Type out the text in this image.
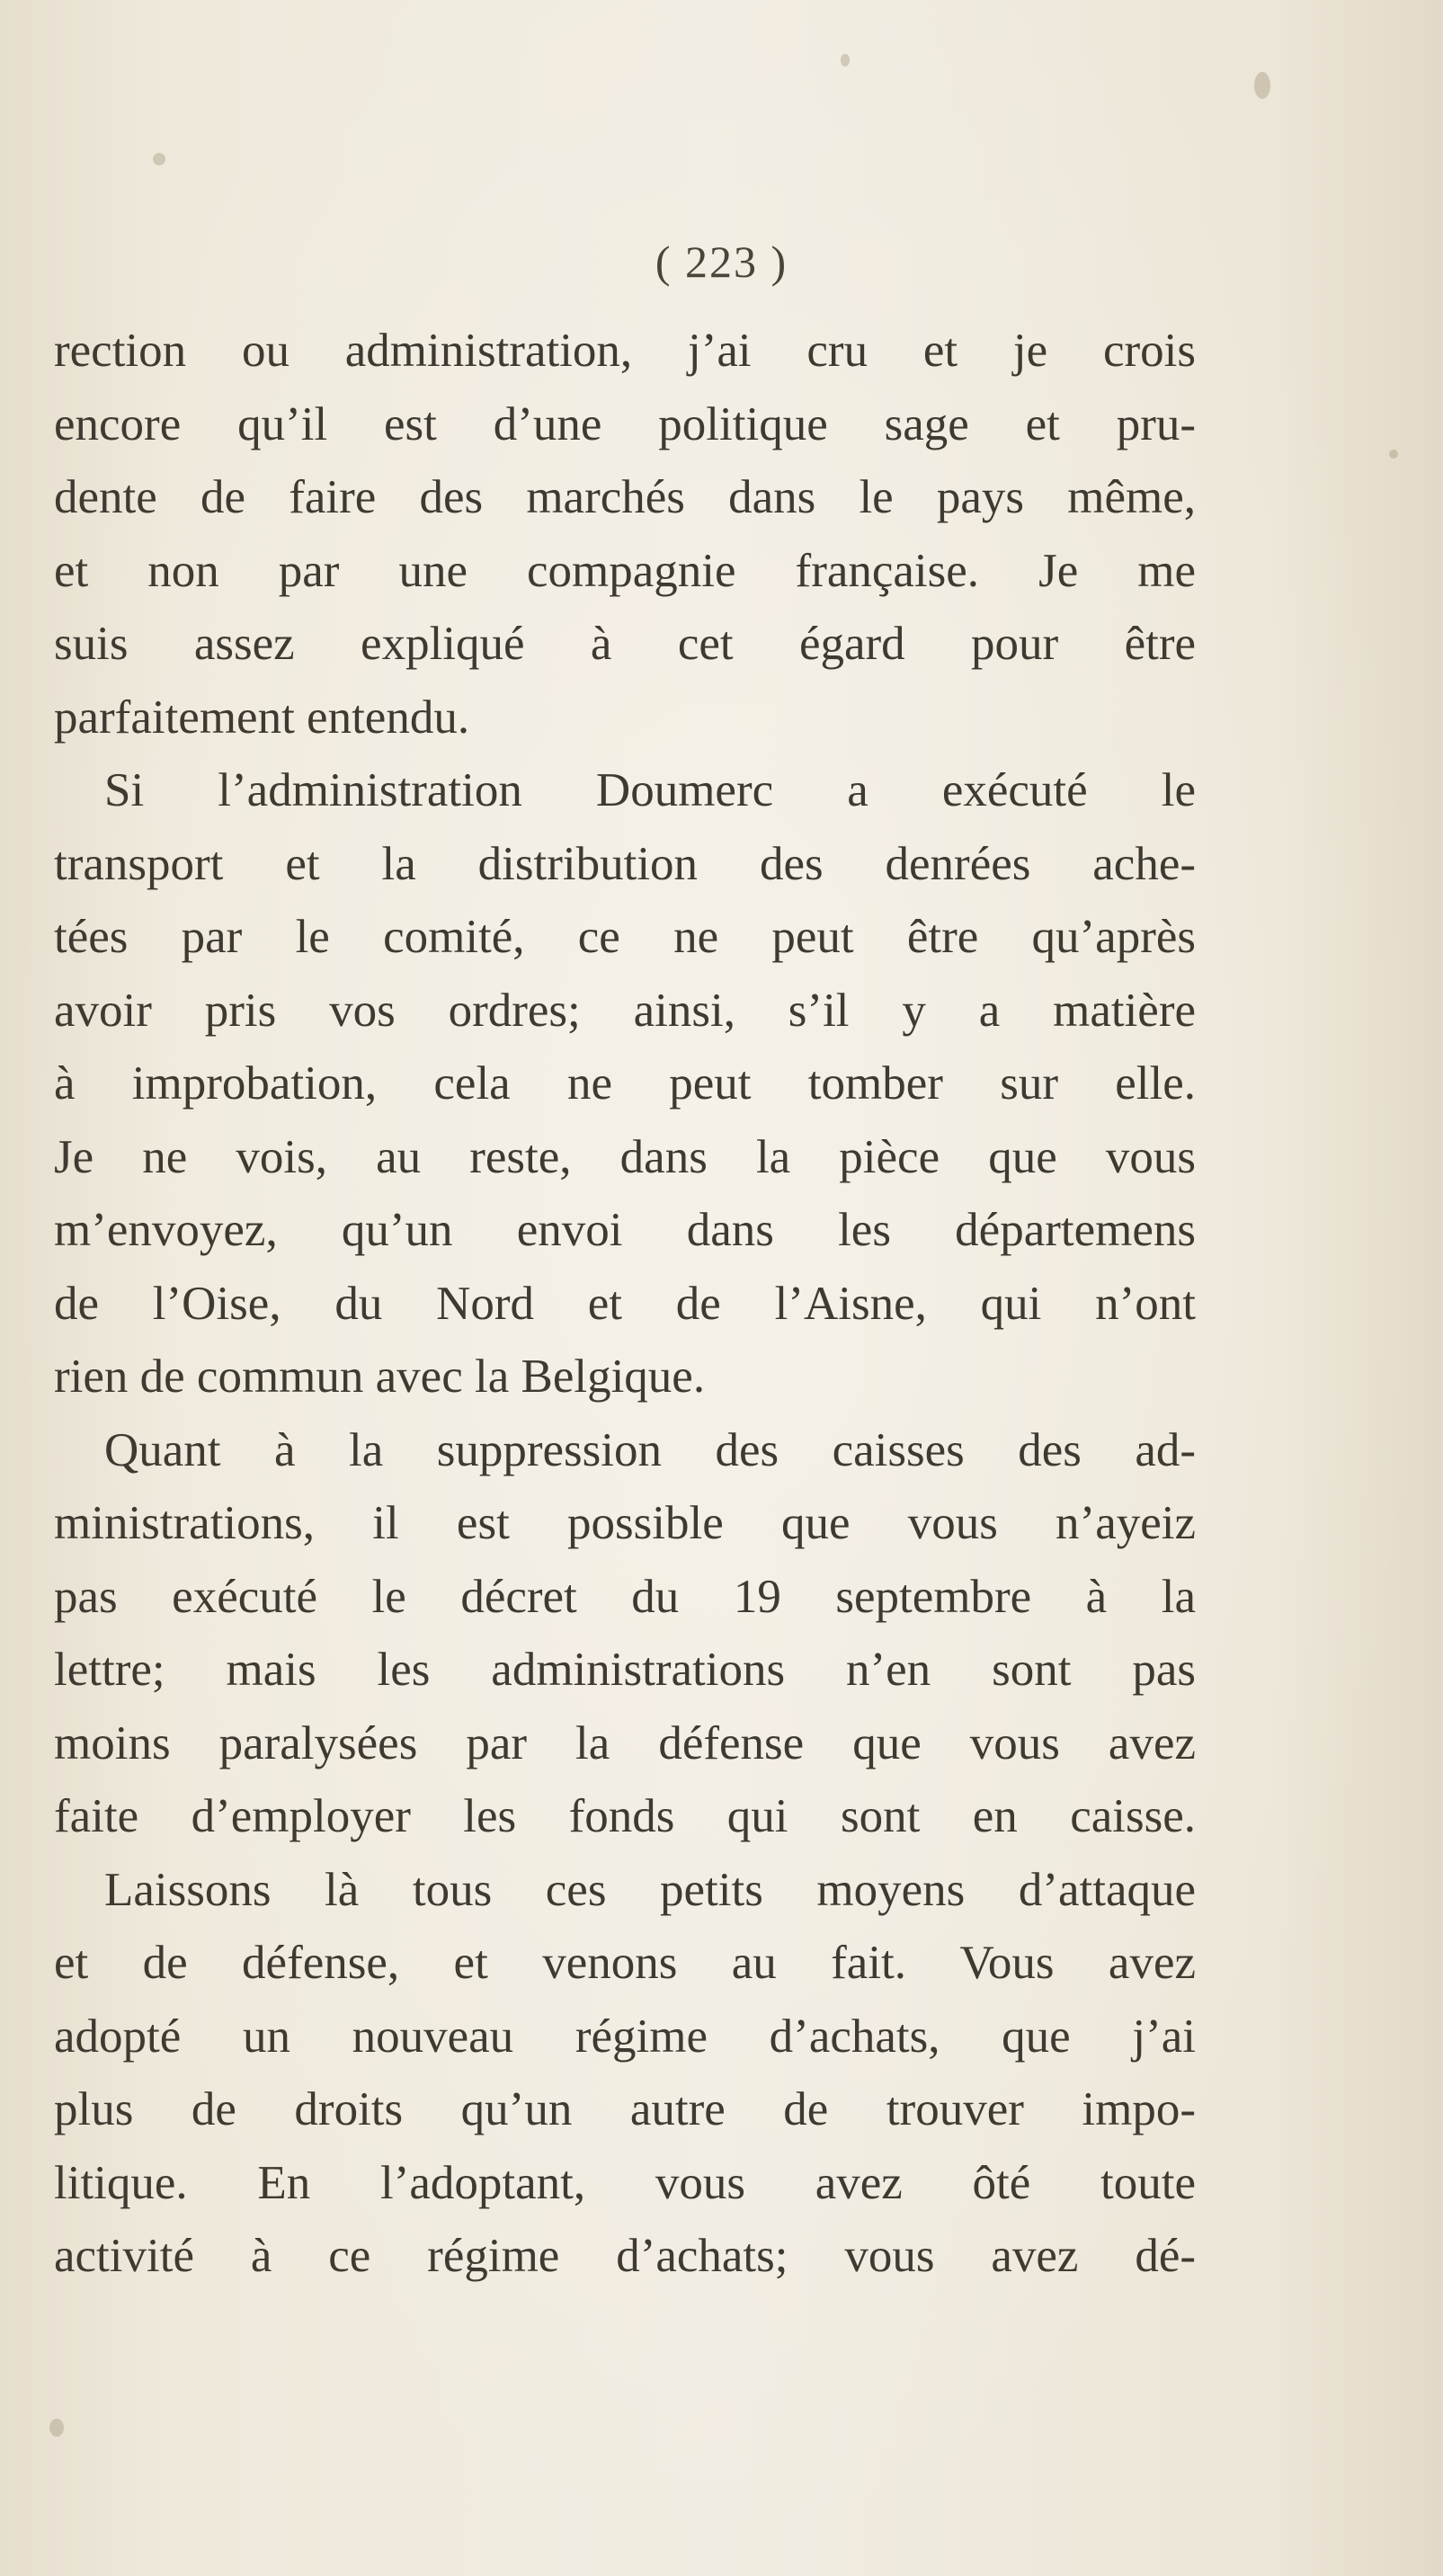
( 223 )
rection ou administration, j’ai cru et je crois
encore qu’il est d’une politique sage et pru-
dente de faire des marchés dans le pays même,
et non par une compagnie française. Je me
suis assez expliqué à cet égard pour être
parfaitement entendu.
Si l’administration Doumerc a exécuté le
transport et la distribution des denrées ache-
tées par le comité, ce ne peut être qu’après
avoir pris vos ordres; ainsi, s’il y a matière
à improbation, cela ne peut tomber sur elle.
Je ne vois, au reste, dans la pièce que vous
m’envoyez, qu’un envoi dans les départemens
de l’Oise, du Nord et de l’Aisne, qui n’ont
rien de commun avec la Belgique.
Quant à la suppression des caisses des ad-
ministrations, il est possible que vous n’ayeiz
pas exécuté le décret du 19 septembre à la
lettre; mais les administrations n’en sont pas
moins paralysées par la défense que vous avez
faite d’employer les fonds qui sont en caisse.
Laissons là tous ces petits moyens d’attaque
et de défense, et venons au fait. Vous avez
adopté un nouveau régime d’achats, que j’ai
plus de droits qu’un autre de trouver impo-
litique. En l’adoptant, vous avez ôté toute
activité à ce régime d’achats; vous avez dé-
